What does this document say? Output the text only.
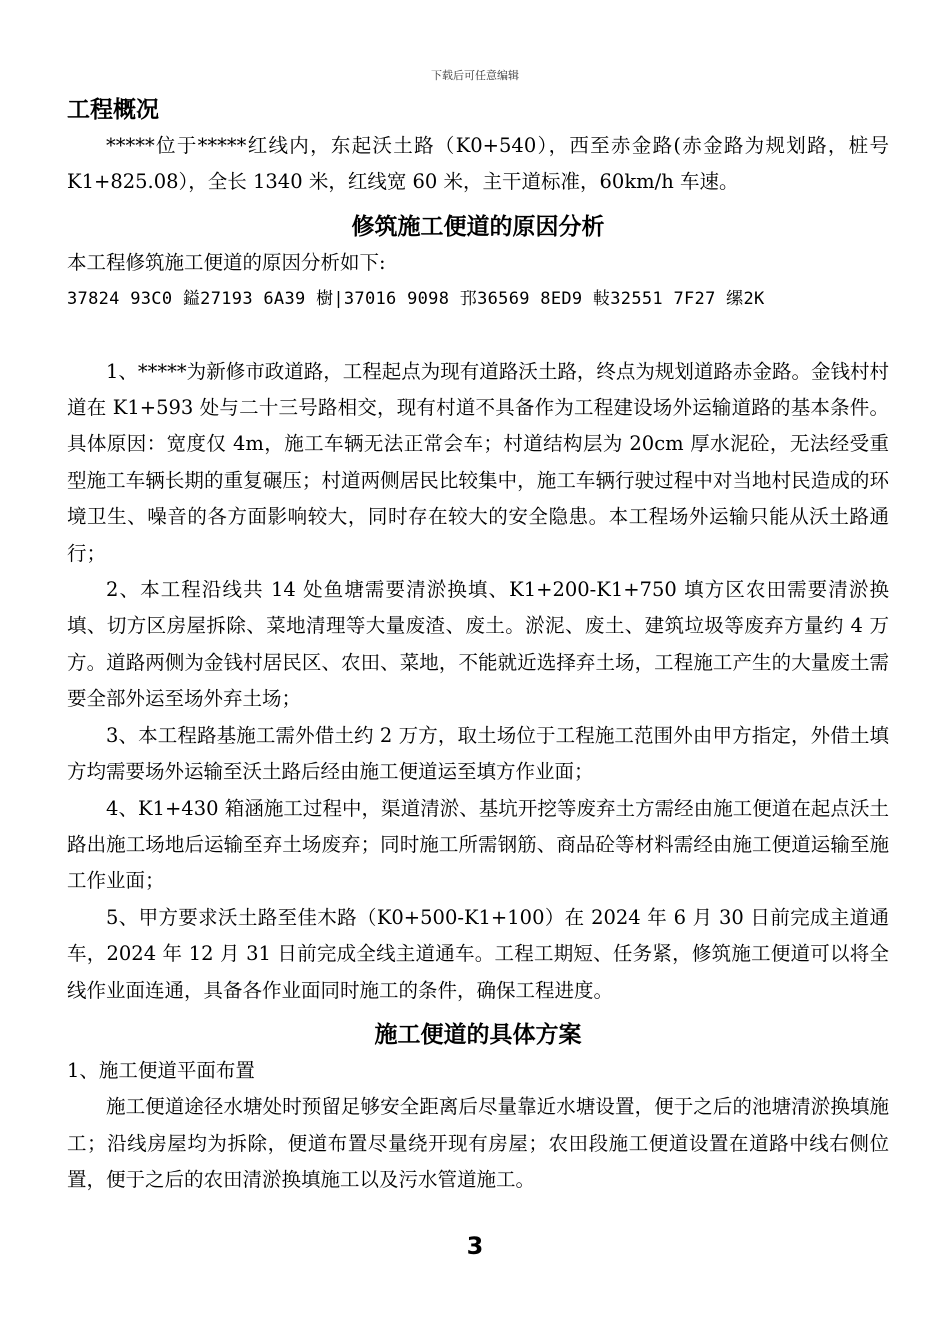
下载后可任意编辑
工程概况

*****位于*****红线内，东起沃土路（K0+540），西至赤金路(赤金路为规划路，桩号 K1+825.08），全长 1340 米，红线宽 60 米，主干道标准，60km/h 车速。

修筑施工便道的原因分析

本工程修筑施工便道的原因分析如下:

37824 93C0 鎰27193 6A39 樹|37016 9098 邘36569 8ED9 軙32551 7F27 缧2K

1、*****为新修市政道路，工程起点为现有道路沃土路，终点为规划道路赤金路。金钱村村道在 K1+593 处与二十三号路相交，现有村道不具备作为工程建设场外运输道路的基本条件。具体原因：宽度仅 4m，施工车辆无法正常会车；村道结构层为 20cm 厚水泥砼，无法经受重型施工车辆长期的重复碾压；村道两侧居民比较集中，施工车辆行驶过程中对当地村民造成的环境卫生、噪音的各方面影响较大，同时存在较大的安全隐患。本工程场外运输只能从沃土路通行；

2、本工程沿线共 14 处鱼塘需要清淤换填、K1+200-K1+750 填方区农田需要清淤换填、切方区房屋拆除、菜地清理等大量废渣、废土。淤泥、废土、建筑垃圾等废弃方量约 4 万方。道路两侧为金钱村居民区、农田、菜地，不能就近选择弃土场，工程施工产生的大量废土需要全部外运至场外弃土场；

3、本工程路基施工需外借土约 2 万方，取土场位于工程施工范围外由甲方指定，外借土填方均需要场外运输至沃土路后经由施工便道运至填方作业面；

4、K1+430 箱涵施工过程中，渠道清淤、基坑开挖等废弃土方需经由施工便道在起点沃土路出施工场地后运输至弃土场废弃；同时施工所需钢筋、商品砼等材料需经由施工便道运输至施工作业面；

5、甲方要求沃土路至佳木路（K0+500-K1+100）在 2024 年 6 月 30 日前完成主道通车，2024 年 12 月 31 日前完成全线主道通车。工程工期短、任务紧，修筑施工便道可以将全线作业面连通，具备各作业面同时施工的条件，确保工程进度。

施工便道的具体方案

1、施工便道平面布置

施工便道途径水塘处时预留足够安全距离后尽量靠近水塘设置，便于之后的池塘清淤换填施工；沿线房屋均为拆除，便道布置尽量绕开现有房屋；农田段施工便道设置在道路中线右侧位置，便于之后的农田清淤换填施工以及污水管道施工。

3
